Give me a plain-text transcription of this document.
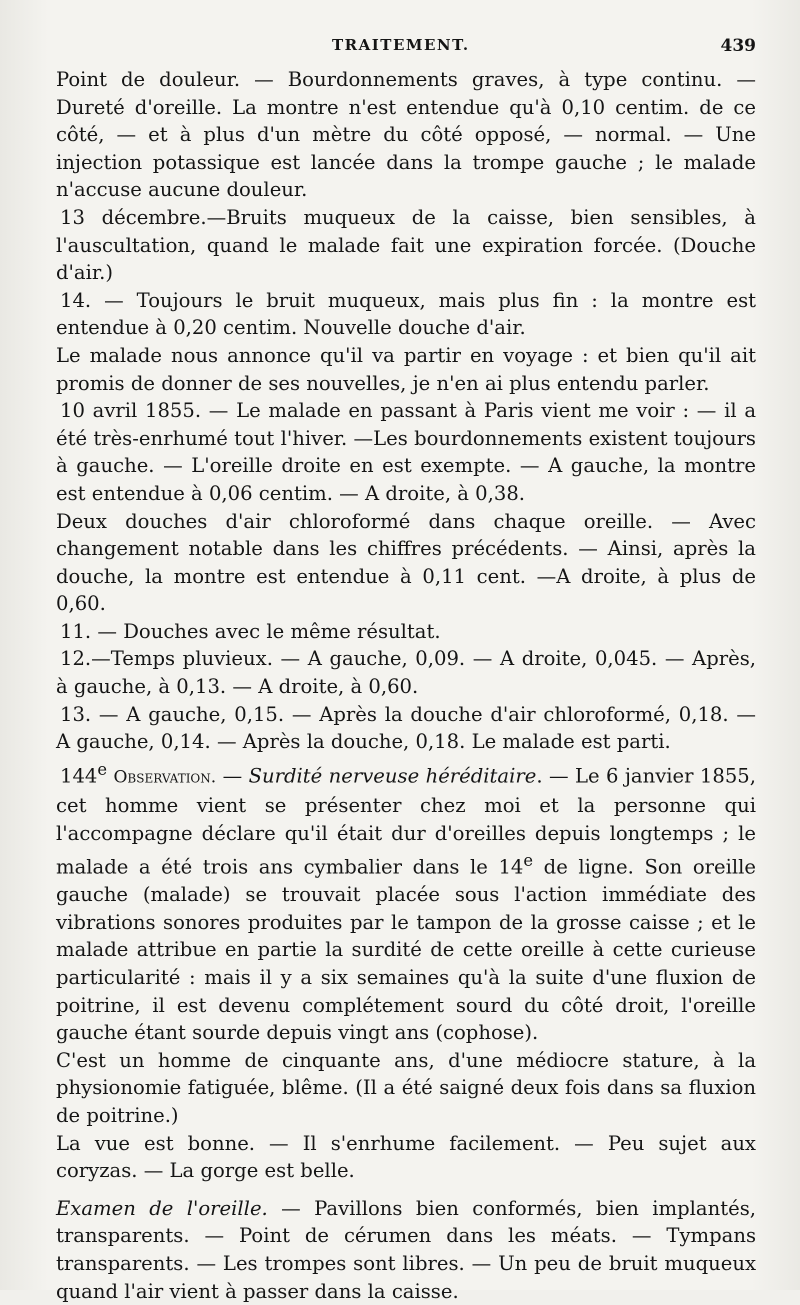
TRAITEMENT.	439

Point de douleur. — Bourdonnements graves, à type continu. — Dureté d'oreille. La montre n'est entendue qu'à 0,10 centim. de ce côté, — et à plus d'un mètre du côté opposé, — normal. — Une injection potassique est lancée dans la trompe gauche ; le malade n'accuse aucune douleur.

13 décembre.—Bruits muqueux de la caisse, bien sensibles, à l'auscultation, quand le malade fait une expiration forcée. (Douche d'air.)

14. — Toujours le bruit muqueux, mais plus fin : la montre est entendue à 0,20 centim. Nouvelle douche d'air.

Le malade nous annonce qu'il va partir en voyage : et bien qu'il ait promis de donner de ses nouvelles, je n'en ai plus entendu parler.

10 avril 1855. — Le malade en passant à Paris vient me voir : — il a été très-enrhumé tout l'hiver. —Les bourdonnements existent toujours à gauche. — L'oreille droite en est exempte. — A gauche, la montre est entendue à 0,06 centim. — A droite, à 0,38.

Deux douches d'air chloroformé dans chaque oreille. — Avec changement notable dans les chiffres précédents. — Ainsi, après la douche, la montre est entendue à 0,11 cent. —A droite, à plus de 0,60.

11. — Douches avec le même résultat.

12.—Temps pluvieux. — A gauche, 0,09. — A droite, 0,045. — Après, à gauche, à 0,13. — A droite, à 0,60.

13. — A gauche, 0,15. — Après la douche d'air chloroformé, 0,18. — A gauche, 0,14. — Après la douche, 0,18. Le malade est parti.

144e Observation. — Surdité nerveuse héréditaire. — Le 6 janvier 1855, cet homme vient se présenter chez moi et la personne qui l'accompagne déclare qu'il était dur d'oreilles depuis longtemps ; le malade a été trois ans cymbalier dans le 14e de ligne. Son oreille gauche (malade) se trouvait placée sous l'action immédiate des vibrations sonores produites par le tampon de la grosse caisse ; et le malade attribue en partie la surdité de cette oreille à cette curieuse particularité : mais il y a six semaines qu'à la suite d'une fluxion de poitrine, il est devenu complétement sourd du côté droit, l'oreille gauche étant sourde depuis vingt ans (cophose).

C'est un homme de cinquante ans, d'une médiocre stature, à la physionomie fatiguée, blême. (Il a été saigné deux fois dans sa fluxion de poitrine.)

La vue est bonne. — Il s'enrhume facilement. — Peu sujet aux coryzas. — La gorge est belle.

Examen de l'oreille. — Pavillons bien conformés, bien implantés, transparents. — Point de cérumen dans les méats. — Tympans transparents. — Les trompes sont libres. — Un peu de bruit muqueux quand l'air vient à passer dans la caisse.
